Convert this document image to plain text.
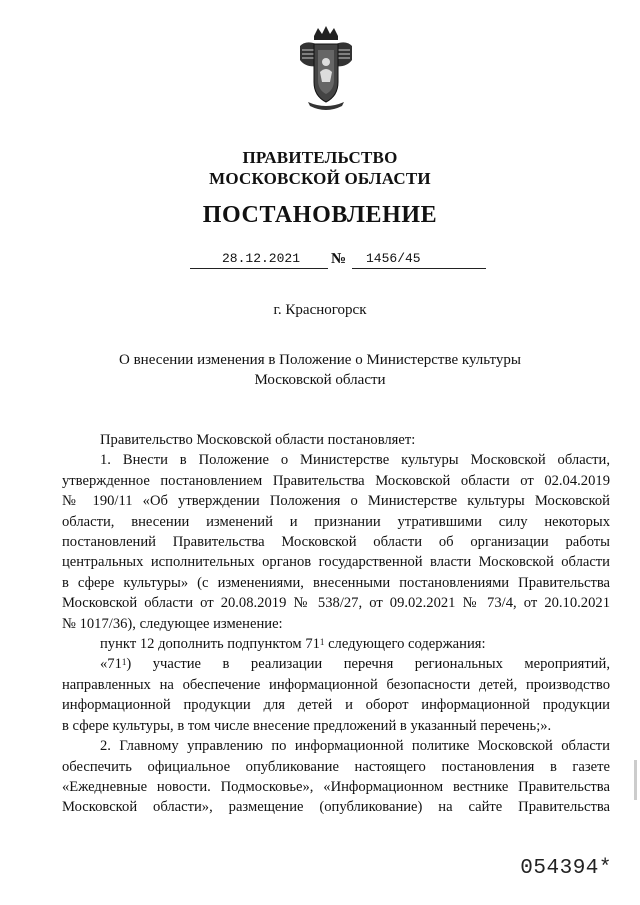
ПРАВИТЕЛЬСТВО
МОСКОВСКОЙ ОБЛАСТИ
ПОСТАНОВЛЕНИЕ
28.12.2021 № 1456/45
г. Красногорск
О внесении изменения в Положение о Министерстве культуры
Московской области
Правительство Московской области постановляет:
1. Внести в Положение о Министерстве культуры Московской области,
утвержденное постановлением Правительства Московской области от 02.04.2019
№ 190/11 «Об утверждении Положения о Министерстве культуры Московской
области, внесении изменений и признании утратившими силу некоторых
постановлений Правительства Московской области об организации работы
центральных исполнительных органов государственной власти Московской области
в сфере культуры» (с изменениями, внесенными постановлениями Правительства
Московской области от 20.08.2019 № 538/27, от 09.02.2021 № 73/4, от 20.10.2021
№ 1017/36), следующее изменение:
пункт 12 дополнить подпунктом $71^1$ следующего содержания:
«$71^1$) участие в реализации перечня региональных мероприятий,
направленных на обеспечение информационной безопасности детей, производство
информационной продукции для детей и оборот информационной продукции
в сфере культуры, в том числе внесение предложений в указанный перечень;».
2. Главному управлению по информационной политике Московской области
обеспечить официальное опубликование настоящего постановления в газете
«Ежедневные новости. Подмосковье», «Информационном вестнике Правительства
Московской области», размещение (опубликование) на сайте Правительства
054394*
